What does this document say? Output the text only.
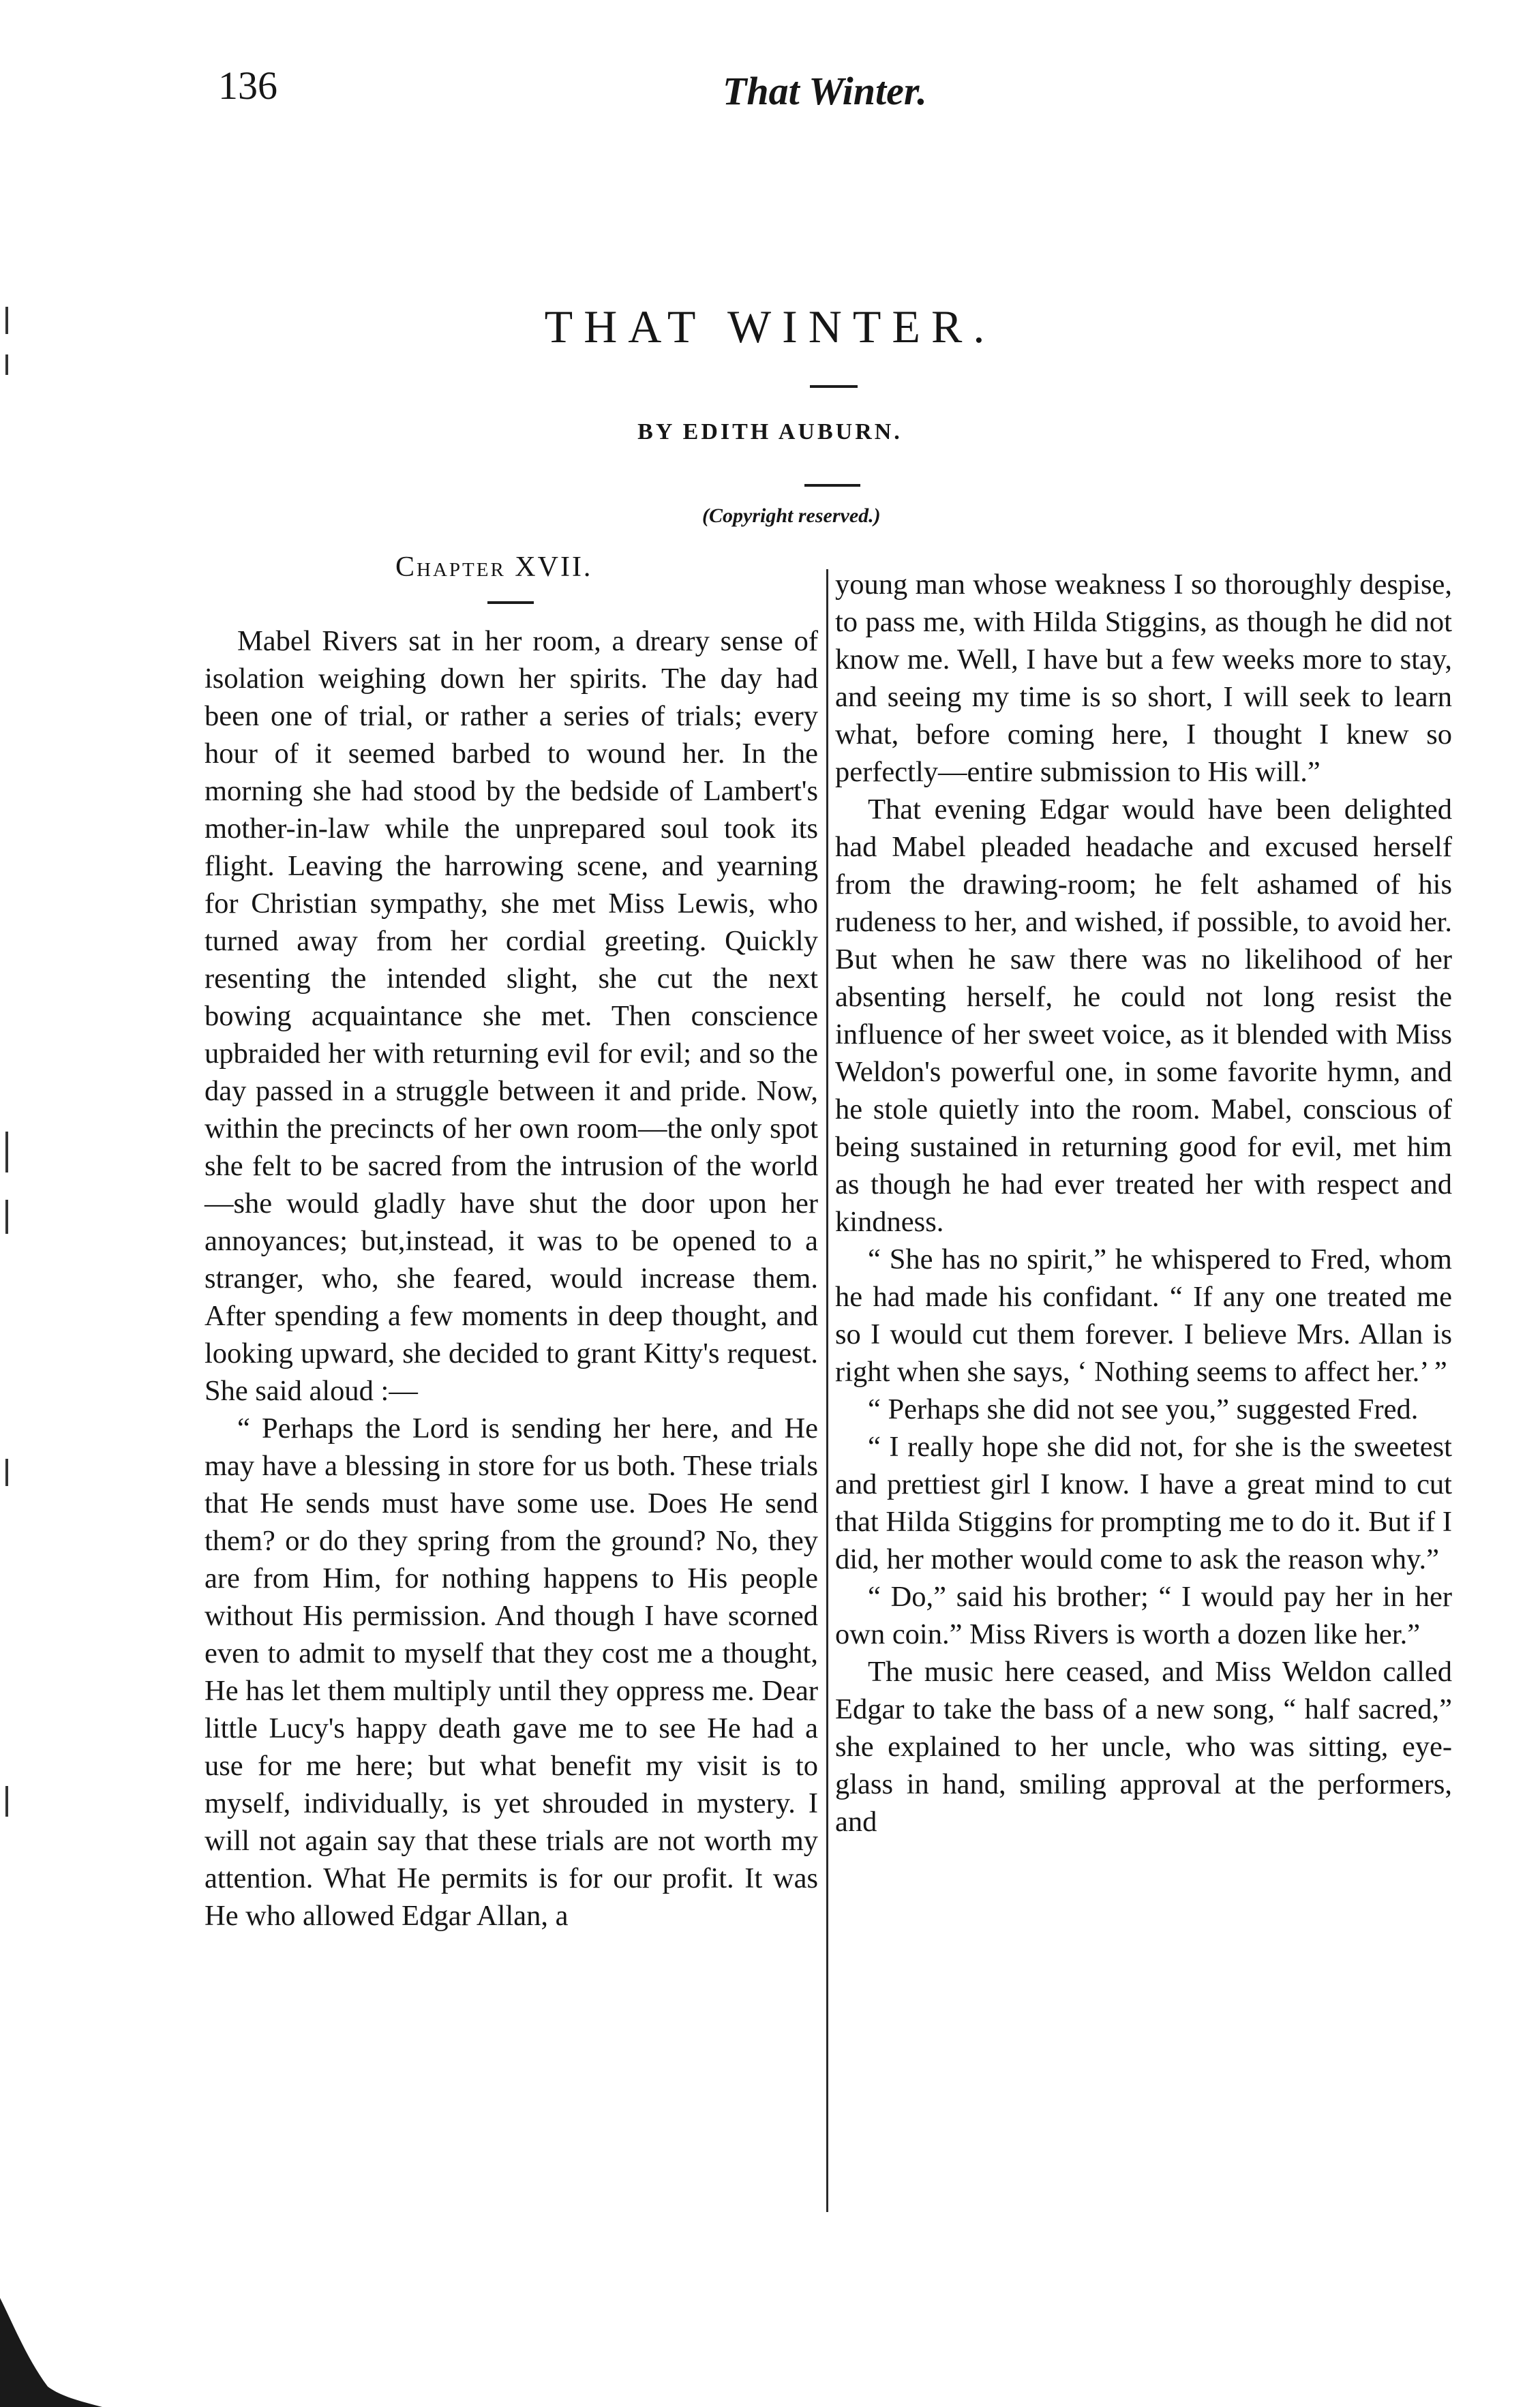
136	That Winter.
THAT WINTER.
BY EDITH AUBURN.
(Copyright reserved.)
Chapter XVII.

Mabel Rivers sat in her room, a dreary sense of isolation weighing down her spirits. The day had been one of trial, or rather a series of trials; every hour of it seemed barbed to wound her. In the morning she had stood by the bedside of Lambert's mother-in-law while the unprepared soul took its flight. Leaving the harrowing scene, and yearning for Christian sympathy, she met Miss Lewis, who turned away from her cordial greeting. Quickly resenting the intended slight, she cut the next bowing acquaintance she met. Then conscience upbraided her with returning evil for evil; and so the day passed in a struggle between it and pride. Now, within the precincts of her own room—the only spot she felt to be sacred from the intrusion of the world—she would gladly have shut the door upon her annoyances; but,instead, it was to be opened to a stranger, who, she feared, would increase them. After spending a few moments in deep thought, and looking upward, she decided to grant Kitty's request. She said aloud :—

“ Perhaps the Lord is sending her here, and He may have a blessing in store for us both. These trials that He sends must have some use. Does He send them? or do they spring from the ground? No, they are from Him, for nothing happens to His people without His permission. And though I have scorned even to admit to myself that they cost me a thought, He has let them multiply until they oppress me. Dear little Lucy's happy death gave me to see He had a use for me here; but what benefit my visit is to myself, individually, is yet shrouded in mystery. I will not again say that these trials are not worth my attention. What He permits is for our profit. It was He who allowed Edgar Allan, a

young man whose weakness I so thoroughly despise, to pass me, with Hilda Stiggins, as though he did not know me. Well, I have but a few weeks more to stay, and seeing my time is so short, I will seek to learn what, before coming here, I thought I knew so perfectly—entire submission to His will.”

That evening Edgar would have been delighted had Mabel pleaded headache and excused herself from the drawing-room; he felt ashamed of his rudeness to her, and wished, if possible, to avoid her. But when he saw there was no likelihood of her absenting herself, he could not long resist the influence of her sweet voice, as it blended with Miss Weldon's powerful one, in some favorite hymn, and he stole quietly into the room. Mabel, conscious of being sustained in returning good for evil, met him as though he had ever treated her with respect and kindness.

“ She has no spirit,” he whispered to Fred, whom he had made his confidant. “ If any one treated me so I would cut them forever. I believe Mrs. Allan is right when she says, ‘ Nothing seems to affect her.’ ”

“ Perhaps she did not see you,” suggested Fred.

“ I really hope she did not, for she is the sweetest and prettiest girl I know. I have a great mind to cut that Hilda Stiggins for prompting me to do it. But if I did, her mother would come to ask the reason why.”

“ Do,” said his brother; “ I would pay her in her own coin.” Miss Rivers is worth a dozen like her.”

The music here ceased, and Miss Weldon called Edgar to take the bass of a new song, “ half sacred,” she explained to her uncle, who was sitting, eye-glass in hand, smiling approval at the performers, and
